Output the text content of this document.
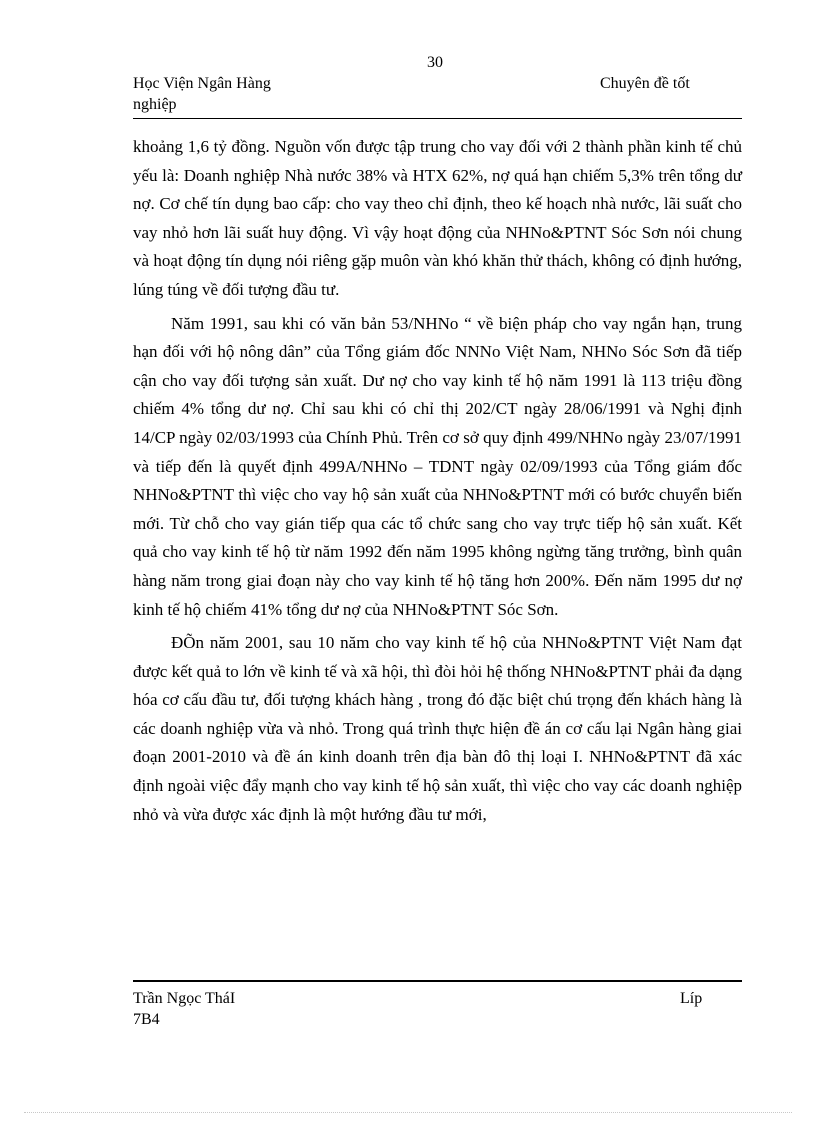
30
Học Viện Ngân Hàng
nghiệp
Chuyên đề tốt

khoảng 1,6 tỷ đồng. Nguồn vốn được tập trung cho vay đối với 2 thành phần kinh tế chủ yếu là: Doanh nghiệp Nhà nước 38% và HTX 62%, nợ quá hạn chiếm 5,3% trên tổng dư nợ. Cơ chế tín dụng bao cấp: cho vay theo chỉ định, theo kế hoạch nhà nước, lãi suất cho vay nhỏ hơn lãi suất huy động. Vì vậy hoạt động của NHNo&PTNT Sóc Sơn nói chung và hoạt động tín dụng nói riêng gặp muôn vàn khó khăn thử thách, không có định hướng, lúng túng về đối tượng đầu tư.

Năm 1991, sau khi có văn bản 53/NHNo “ về biện pháp cho vay ngắn hạn, trung hạn đối với hộ nông dân” của Tổng giám đốc NNNo Việt Nam, NHNo Sóc Sơn đã tiếp cận cho vay đối tượng sản xuất. Dư nợ cho vay kinh tế hộ năm 1991 là 113 triệu đồng chiếm 4% tổng dư nợ. Chỉ sau khi có chỉ thị 202/CT ngày 28/06/1991 và Nghị định 14/CP ngày 02/03/1993 của Chính Phủ. Trên cơ sở quy định 499/NHNo ngày 23/07/1991 và tiếp đến là quyết định 499A/NHNo – TDNT ngày 02/09/1993 của Tổng giám đốc NHNo&PTNT thì việc cho vay hộ sản xuất của NHNo&PTNT mới có bước chuyển biến mới. Từ chỗ cho vay gián tiếp qua các tổ chức sang cho vay trực tiếp hộ sản xuất. Kết quả cho vay kinh tế hộ từ năm 1992 đến năm 1995 không ngừng tăng trưởng, bình quân hàng năm trong giai đoạn này cho vay kinh tế hộ tăng hơn 200%. Đến năm 1995 dư nợ kinh tế hộ chiếm 41% tổng dư nợ của NHNo&PTNT Sóc Sơn.

ĐÕn năm 2001, sau 10 năm cho vay kinh tế hộ của NHNo&PTNT Việt Nam đạt được kết quả to lớn về kinh tế và xã hội, thì đòi hỏi hệ thống NHNo&PTNT phải đa dạng hóa cơ cấu đầu tư, đối tượng khách hàng , trong đó đặc biệt chú trọng đến khách hàng là các doanh nghiệp vừa và nhỏ. Trong quá trình thực hiện đề án cơ cấu lại Ngân hàng giai đoạn 2001-2010 và đề án kinh doanh trên địa bàn đô thị loại I. NHNo&PTNT đã xác định ngoài việc đẩy mạnh cho vay kinh tế hộ sản xuất, thì việc cho vay các doanh nghiệp nhỏ và vừa được xác định là một hướng đầu tư mới,

Trần Ngọc TháI
7B4
Líp
